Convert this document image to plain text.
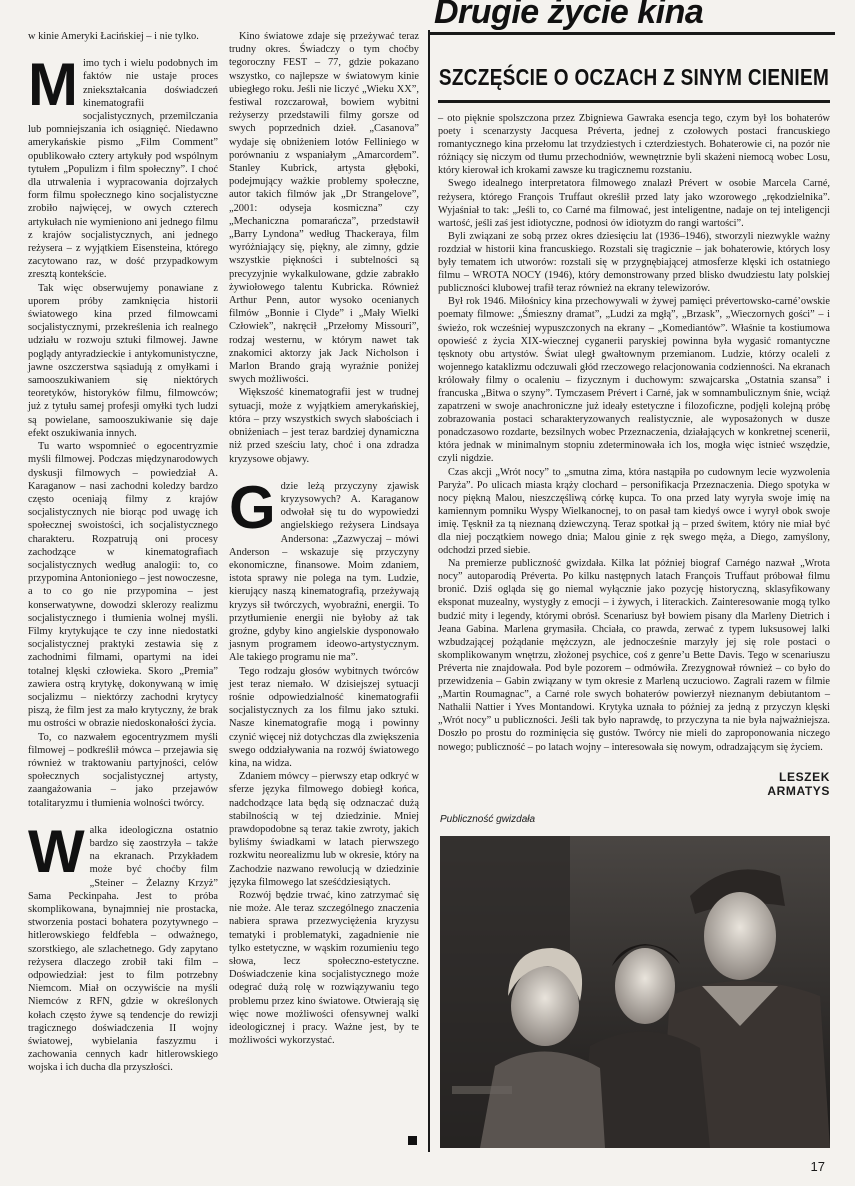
Drugie życie kina

w kinie Ameryki Łacińskiej – i nie tylko.

Mimo tych i wielu podobnych im faktów nie ustaje proces zniekształcania doświadczeń kinematografii socjalistycznych, przemilczania lub pomniejszania ich osiągnięć. Niedawno amerykańskie pismo „Film Comment” opublikowało cztery artykuły pod wspólnym tytułem „Populizm i film społeczny”. I choć dla utrwalenia i wypracowania dojrzałych form filmu społecznego kino socjalistyczne zrobiło najwięcej, w owych czterech artykułach nie wymieniono ani jednego filmu z krajów socjalistycznych, ani jednego reżysera – z wyjątkiem Eisensteina, którego zacytowano raz, w dość przypadkowym zresztą kontekście.

Tak więc obserwujemy ponawiane z uporem próby zamknięcia historii światowego kina przed filmowcami socjalistycznymi, przekreślenia ich realnego udziału w rozwoju sztuki filmowej. Jawne poglądy antyradzieckie i antykomunistyczne, jawne oszczerstwa sąsiadują z omyłkami i samooszukiwaniem się niektórych teoretyków, historyków filmu, filmowców; już z tytułu samej profesji omyłki tych ludzi są powielane, samooszukiwanie się daje efekt oszukiwania innych.

Tu warto wspomnieć o egocentryzmie myśli filmowej. Podczas międzynarodowych dyskusji filmowych – powiedział A. Karaganow – nasi zachodni koledzy bardzo często oceniają filmy z krajów socjalistycznych nie biorąc pod uwagę ich społecznej swoistości, ich socjalistycznego charakteru. Rozpatrują oni procesy zachodzące w kinematografiach socjalistycznych według analogii: to, co przypomina Antonioniego – jest nowoczesne, a to co go nie przypomina – jest konserwatywne, dowodzi sklerozy realizmu socjalistycznego i tłumienia wolnej myśli. Filmy krytykujące te czy inne niedostatki socjalistycznej praktyki zestawia się z zachodnimi filmami, opartymi na idei totalnej klęski człowieka. Skoro „Premia” zawiera ostrą krytykę, dokonywaną w imię socjalizmu – niektórzy zachodni krytycy piszą, że film jest za mało krytyczny, że brak mu ostrości w obrazie niedoskonałości życia.

To, co nazwałem egocentryzmem myśli filmowej – podkreślił mówca – przejawia się również w traktowaniu partyjności, celów społecznych socjalistycznej artysty, zaangażowania – jako przejawów totalitaryzmu i tłumienia wolności twórcy.

Walka ideologiczna ostatnio bardzo się zaostrzyła – także na ekranach. Przykładem może być choćby film „Steiner – Żelazny Krzyż” Sama Peckinpaha. Jest to próba skomplikowana, bynajmniej nie prostacka, stworzenia postaci bohatera pozytywnego – hitlerowskiego feldfebla – odważnego, szorstkiego, ale szlachetnego. Gdy zapytano reżysera dlaczego zrobił taki film – odpowiedział: jest to film potrzebny Niemcom. Miał on oczywiście na myśli Niemców z RFN, gdzie w określonych kołach często żywe są tendencje do rewizji tragicznego doświadczenia II wojny światowej, wybielania faszyzmu i zachowania cennych kadr hitlerowskiego wojska i ich ducha dla przyszłości.

Kino światowe zdaje się przeżywać teraz trudny okres. Świadczy o tym choćby tegoroczny FEST – 77, gdzie pokazano wszystko, co najlepsze w światowym kinie ubiegłego roku. Jeśli nie liczyć „Wieku XX”, festiwal rozczarował, bowiem wybitni reżyserzy przedstawili filmy gorsze od swych poprzednich dzieł. „Casanova” wydaje się obniżeniem lotów Felliniego w porównaniu z wspaniałym „Amarcordem”. Stanley Kubrick, artysta głęboki, podejmujący ważkie problemy społeczne, autor takich filmów jak „Dr Strangelove”, „2001: odyseja kosmiczna” czy „Mechaniczna pomarańcza”, przedstawił „Barry Lyndona” według Thackeraya, film wyróżniający się, piękny, ale zimny, gdzie wszystkie piękności i subtelności są precyzyjnie wykalkulowane, gdzie zabrakło żywiołowego talentu Kubricka. Również Arthur Penn, autor wysoko ocenianych filmów „Bonnie i Clyde” i „Mały Wielki Człowiek”, nakręcił „Przełomy Missouri”, rodzaj westernu, w którym nawet tak znakomici aktorzy jak Jack Nicholson i Marlon Brando grają wyraźnie poniżej swych możliwości.

Większość kinematografii jest w trudnej sytuacji, może z wyjątkiem amerykańskiej, która – przy wszystkich swych słabościach i obniżeniach – jest teraz bardziej dynamiczna niż przed sześciu laty, choć i ona zdradza kryzysowe objawy.

Gdzie leżą przyczyny zjawisk kryzysowych? A. Karaganow odwołał się tu do wypowiedzi angielskiego reżysera Lindsaya Andersona: „Zazwyczaj – mówi Anderson – wskazuje się przyczyny ekonomiczne, finansowe. Moim zdaniem, istota sprawy nie polega na tym. Ludzie, kierujący naszą kinematografią, przeżywają kryzys sił twórczych, wyobraźni, energii. To przytłumienie energii nie byłoby aż tak groźne, gdyby kino angielskie dysponowało jasnym programem ideowo-artystycznym. Ale takiego programu nie ma”.

Tego rodzaju głosów wybitnych twórców jest teraz niemało. W dzisiejszej sytuacji rośnie odpowiedzialność kinematografii socjalistycznych za los filmu jako sztuki. Nasze kinematografie mogą i powinny czynić więcej niż dotychczas dla zwiększenia swego oddziaływania na rozwój światowego kina, na widza.

Zdaniem mówcy – pierwszy etap odkryć w sferze języka filmowego dobiegł końca, nadchodzące lata będą się odznaczać dużą stabilnością w tej dziedzinie. Mniej prawdopodobne są teraz takie zwroty, jakich byliśmy świadkami w latach pierwszego rozkwitu neorealizmu lub w okresie, który na Zachodzie nazwano rewolucją w dziedzinie języka filmowego lat sześćdziesiątych.

Rozwój będzie trwać, kino zatrzymać się nie może. Ale teraz szczególnego znaczenia nabiera sprawa przezwyciężenia kryzysu tematyki i problematyki, zagadnienie nie tylko estetyczne, w wąskim rozumieniu tego słowa, lecz społeczno-estetyczne. Doświadczenie kina socjalistycznego może odegrać dużą rolę w rozwiązywaniu tego problemu przez kino światowe. Otwierają się więc nowe możliwości ofensywnej walki ideologicznej i pracy. Ważne jest, by te możliwości wykorzystać.

SZCZĘŚCIE O OCZACH Z SINYM CIENIEM

– oto pięknie spolszczona przez Zbigniewa Gawraka esencja tego, czym był los bohaterów poety i scenarzysty Jacquesa Préverta, jednej z czołowych postaci francuskiego romantycznego kina przełomu lat trzydziestych i czterdziestych. Bohaterowie ci, na pozór nie różniący się niczym od tłumu przechodniów, wewnętrznie byli skażeni niemocą wobec Losu, który kierował ich krokami zawsze ku tragicznemu rozstaniu.

Swego idealnego interpretatora filmowego znalazł Prévert w osobie Marcela Carné, reżysera, którego François Truffaut określił przed laty jako wzorowego „rękodzielnika”. Wyjaśniał to tak: „Jeśli to, co Carné ma filmować, jest inteligentne, nadaje on tej inteligencji wartość, jeśli zaś jest idiotyczne, podnosi ów idiotyzm do rangi wartości”.

Byli związani ze sobą przez okres dziesięciu lat (1936–1946), stworzyli niezwykle ważny rozdział w historii kina francuskiego. Rozstali się tragicznie – jak bohaterowie, których losy były tematem ich utworów: rozstali się w przygnębiającej atmosferze klęski ich ostatniego filmu – WROTA NOCY (1946), który demonstrowany przed blisko dwudziestu laty polskiej publiczności klubowej trafił teraz również na ekrany telewizorów.

Był rok 1946. Miłośnicy kina przechowywali w żywej pamięci prévertowsko-carné’owskie poematy filmowe: „Śmieszny dramat”, „Ludzi za mgłą”, „Brzask”, „Wieczornych gości” – i świeżo, rok wcześniej wypuszczonych na ekrany – „Komediantów”. Właśnie ta kostiumowa opowieść z życia XIX-wiecznej cyganerii paryskiej powinna była wygasić romantyczne tęsknoty obu artystów. Świat uległ gwałtownym przemianom. Ludzie, którzy ocaleli z wojennego kataklizmu odczuwali głód rzeczowego relacjonowania codzienności. Na ekranach królowały filmy o ocaleniu – fizycznym i duchowym: szwajcarska „Ostatnia szansa” i francuska „Bitwa o szyny”. Tymczasem Prévert i Carné, jak w somnambulicznym śnie, wciąż zapatrzeni w swoje anachroniczne już ideały estetyczne i filozoficzne, podjęli kolejną próbę zobrazowania postaci scharakteryzowanych realistycznie, ale wyposażonych w dusze ponadczasowo rozdarte, bezsilnych wobec Przeznaczenia, działających w konkretnej scenerii, która jednak w minimalnym stopniu zdeterminowała ich los, mogła więc istnieć wszędzie, czyli nigdzie.

Czas akcji „Wrót nocy” to „smutna zima, która nastąpiła po cudownym lecie wyzwolenia Paryża”. Po ulicach miasta krąży clochard – personifikacja Przeznaczenia. Diego spotyka w nocy piękną Malou, nieszczęśliwą córkę kupca. To ona przed laty wyryła swoje imię na kamiennym pomniku Wyspy Wielkanocnej, to on pasał tam kiedyś owce i wyrył obok swoje imię. Tęsknił za tą nieznaną dziewczyną. Teraz spotkał ją – przed świtem, który nie miał być dla niej początkiem nowego dnia; Malou ginie z ręk swego męża, a Diego, zamyślony, odchodzi przed siebie.

Na premierze publiczność gwizdała. Kilka lat później biograf Carnégo nazwał „Wrota nocy” autoparodią Préverta. Po kilku następnych latach François Truffaut próbował filmu bronić. Dziś ogląda się go niemal wyłącznie jako pozycję historyczną, sklasyfikowany eksponat muzealny, wystygły z emocji – i żywych, i literackich. Zainteresowanie mogą tylko budzić mity i legendy, którymi obrósł. Scenariusz był bowiem pisany dla Marleny Dietrich i Jeana Gabina. Marlena grymasiła. Chciała, co prawda, zerwać z typem luksusowej lalki wzbudzającej pożądanie mężczyzn, ale jednocześnie marzyły jej się role postaci o skomplikowanym wnętrzu, złożonej psychice, coś z genre’u Bette Davis. Tego w scenariuszu Préverta nie znajdowała. Pod byle pozorem – odmówiła. Zrezygnował również – co było do przewidzenia – Gabin związany w tym okresie z Marleną uczuciowo. Zagrali razem w filmie „Martin Roumagnac”, a Carné role swych bohaterów powierzył nieznanym debiutantom – Nathalii Nattier i Yves Montandowi. Krytyka uznała to później za jedną z przyczyn klęski „Wrót nocy” u publiczności. Jeśli tak było naprawdę, to przyczyna ta nie była najważniejsza. Doszło po prostu do rozminięcia się gustów. Twórcy nie mieli do zaproponowania niczego nowego; publiczność – po latach wojny – interesowała się nowym, odradzającym się życiem.

LESZEK ARMATYS
Publiczność gwizdała
17
